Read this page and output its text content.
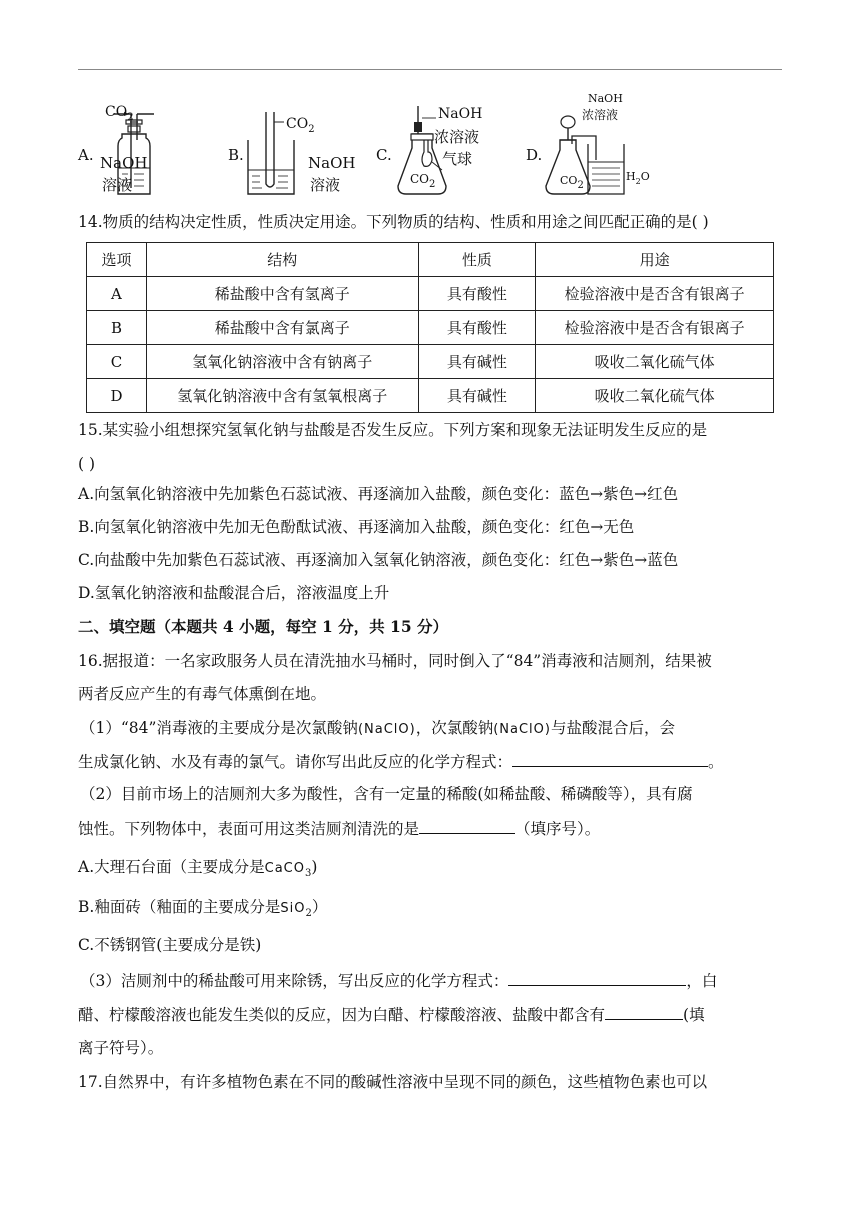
A.
$CO_2$
NaOH
溶液
B.
$CO_2$
NaOH
溶液
C.
NaOH
浓溶液
气球
$CO_2$
D.
NaOH
浓溶液
CO2
$H_2O$
14.物质的结构决定性质，性质决定用途。下列物质的结构、性质和用途之间匹配正确的是( )
选项	结构	性质	用途
A	稀盐酸中含有氢离子	具有酸性	检验溶液中是否含有银离子
B	稀盐酸中含有氯离子	具有酸性	检验溶液中是否含有银离子
C	氢氧化钠溶液中含有钠离子	具有碱性	吸收二氧化硫气体
D	氢氧化钠溶液中含有氢氧根离子	具有碱性	吸收二氧化硫气体
15.某实验小组想探究氢氧化钠与盐酸是否发生反应。下列方案和现象无法证明发生反应的是
( )
A.向氢氧化钠溶液中先加紫色石蕊试液、再逐滴加入盐酸，颜色变化：蓝色→紫色→红色
B.向氢氧化钠溶液中先加无色酚酞试液、再逐滴加入盐酸，颜色变化：红色→无色
C.向盐酸中先加紫色石蕊试液、再逐滴加入氢氧化钠溶液，颜色变化：红色→紫色→蓝色
D.氢氧化钠溶液和盐酸混合后，溶液温度上升
二、填空题（本题共 4 小题，每空 1 分，共 15 分）
16.据报道：一名家政服务人员在清洗抽水马桶时，同时倒入了“84”消毒液和洁厕剂，结果被
两者反应产生的有毒气体熏倒在地。
（1）“84”消毒液的主要成分是次氯酸钠(NaClO)，次氯酸钠(NaClO)与盐酸混合后，会
生成氯化钠、水及有毒的氯气。请你写出此反应的化学方程式：	。
（2）目前市场上的洁厕剂大多为酸性，含有一定量的稀酸(如稀盐酸、稀磷酸等），具有腐
蚀性。下列物体中，表面可用这类洁厕剂清洗的是	（填序号）。
A.大理石台面（主要成分是CaCO$_3$)
B.釉面砖（釉面的主要成分是SiO$_2$）
C.不锈钢管(主要成分是铁)
（3）洁厕剂中的稀盐酸可用来除锈，写出反应的化学方程式：	，白
醋、柠檬酸溶液也能发生类似的反应，因为白醋、柠檬酸溶液、盐酸中都含有	(填
离子符号）。
17.自然界中，有许多植物色素在不同的酸碱性溶液中呈现不同的颜色，这些植物色素也可以
